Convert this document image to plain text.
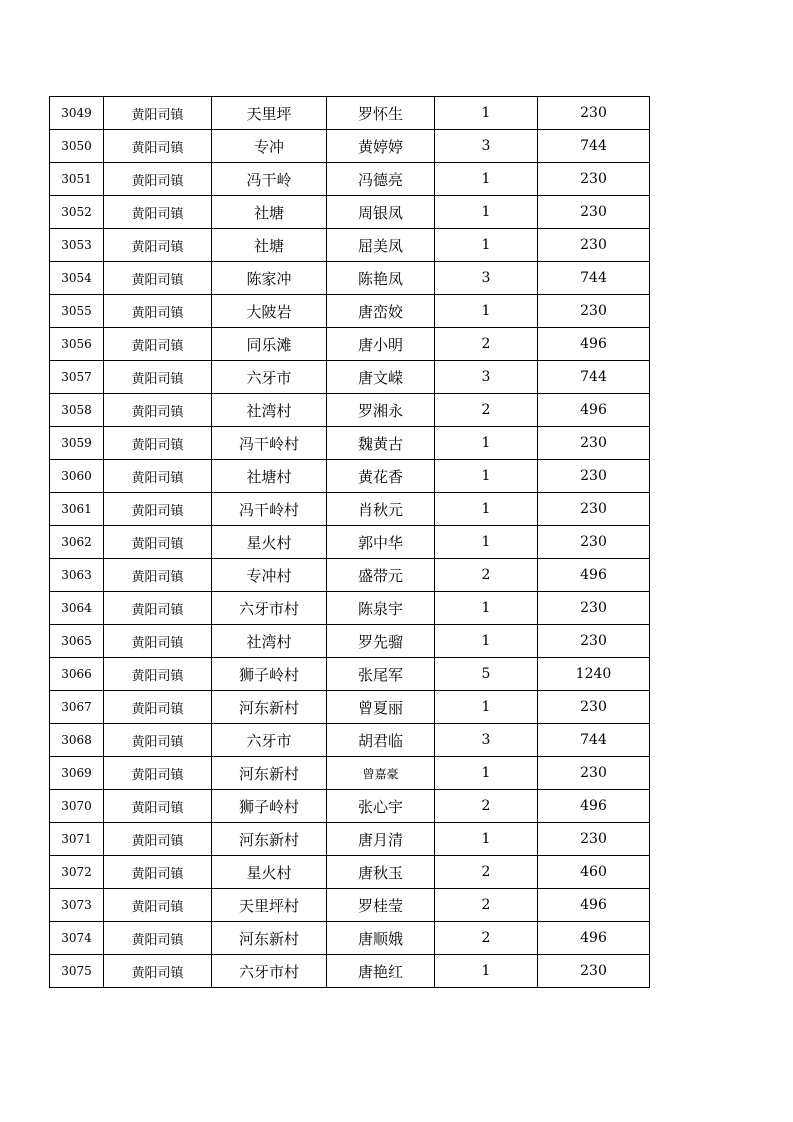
3049	黄阳司镇	天里坪	罗怀生	1	230
3050	黄阳司镇	专冲	黄婷婷	3	744
3051	黄阳司镇	冯干岭	冯德亮	1	230
3052	黄阳司镇	社塘	周银凤	1	230
3053	黄阳司镇	社塘	屈美凤	1	230
3054	黄阳司镇	陈家冲	陈艳凤	3	744
3055	黄阳司镇	大陂岩	唐峦姣	1	230
3056	黄阳司镇	同乐滩	唐小明	2	496
3057	黄阳司镇	六牙市	唐文嵘	3	744
3058	黄阳司镇	社湾村	罗湘永	2	496
3059	黄阳司镇	冯干岭村	魏黄古	1	230
3060	黄阳司镇	社塘村	黄花香	1	230
3061	黄阳司镇	冯干岭村	肖秋元	1	230
3062	黄阳司镇	星火村	郭中华	1	230
3063	黄阳司镇	专冲村	盛带元	2	496
3064	黄阳司镇	六牙市村	陈泉宇	1	230
3065	黄阳司镇	社湾村	罗先骝	1	230
3066	黄阳司镇	狮子岭村	张尾军	5	1240
3067	黄阳司镇	河东新村	曾夏丽	1	230
3068	黄阳司镇	六牙市	胡君临	3	744
3069	黄阳司镇	河东新村	曾嘉豪	1	230
3070	黄阳司镇	狮子岭村	张心宇	2	496
3071	黄阳司镇	河东新村	唐月清	1	230
3072	黄阳司镇	星火村	唐秋玉	2	460
3073	黄阳司镇	天里坪村	罗桂莹	2	496
3074	黄阳司镇	河东新村	唐顺娥	2	496
3075	黄阳司镇	六牙市村	唐艳红	1	230
